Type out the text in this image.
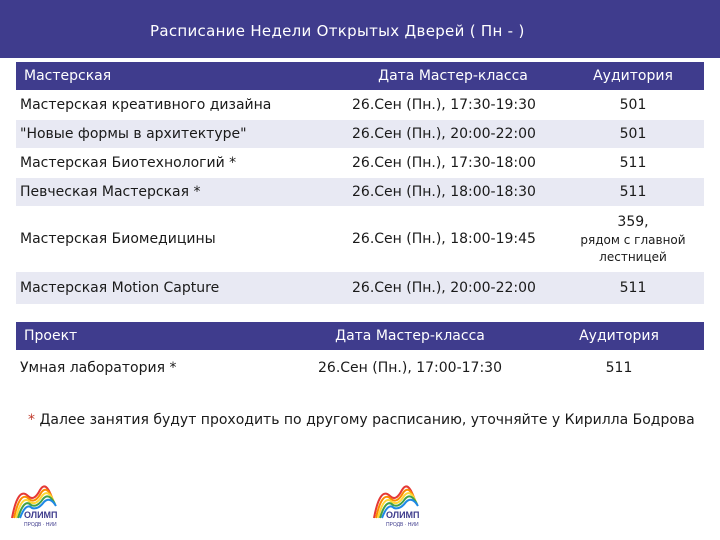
Расписание Недели Открытых Дверей ( Пн - )
Мастерская	Дата Мастер-класса	Аудитория
Мастерская креативного дизайна	26.Сен (Пн.), 17:30-19:30	501
"Новые формы в архитектуре"	26.Сен (Пн.), 20:00-22:00	501
Мастерская Биотехнологий *	26.Сен (Пн.), 17:30-18:00	511
Певческая Мастерская *	26.Сен (Пн.), 18:00-18:30	511
Мастерская Биомедицины	26.Сен (Пн.), 18:00-19:45	359,
рядом с главной
лестницей

Мастерская Motion Capture	26.Сен (Пн.), 20:00-22:00	511
Проект	Дата Мастер-класса	Аудитория
Умная лаборатория *	26.Сен (Пн.), 17:00-17:30	511
* Далее занятия будут проходить по другому расписанию, уточняйте у Кирилла Бодрова
ОЛИМП
ПРОДВ · НИИ
ОЛИМП
ПРОДВ · НИИ
